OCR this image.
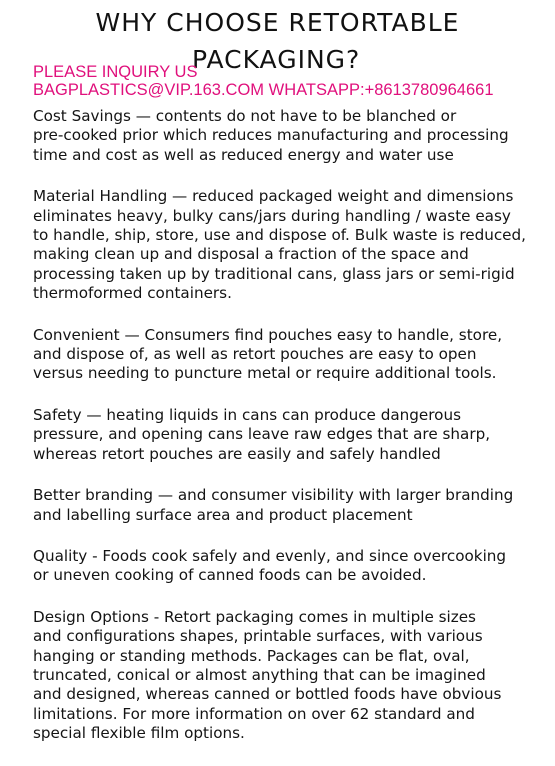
WHY CHOOSE RETORTABLE
PACKAGING?
PLEASE INQUIRY US
BAGPLASTICS@VIP.163.COM WHATSAPP:+8613780964661

Cost Savings — contents do not have to be blanched or
pre-cooked prior which reduces manufacturing and processing
time and cost as well as reduced energy and water use

Material Handling — reduced packaged weight and dimensions
eliminates heavy, bulky cans/jars during handling / waste easy
to handle, ship, store, use and dispose of. Bulk waste is reduced,
making clean up and disposal a fraction of the space and
processing taken up by traditional cans, glass jars or semi-rigid
thermoformed containers.

Convenient — Consumers find pouches easy to handle, store,
and dispose of, as well as retort pouches are easy to open
versus needing to puncture metal or require additional tools.

Safety — heating liquids in cans can produce dangerous
pressure, and opening cans leave raw edges that are sharp,
whereas retort pouches are easily and safely handled

Better branding — and consumer visibility with larger branding
and labelling surface area and product placement

Quality - Foods cook safely and evenly, and since overcooking
or uneven cooking of canned foods can be avoided.

Design Options - Retort packaging comes in multiple sizes
and configurations shapes, printable surfaces, with various
hanging or standing methods. Packages can be flat, oval,
truncated, conical or almost anything that can be imagined
and designed, whereas canned or bottled foods have obvious
limitations. For more information on over 62 standard and
special flexible film options.
